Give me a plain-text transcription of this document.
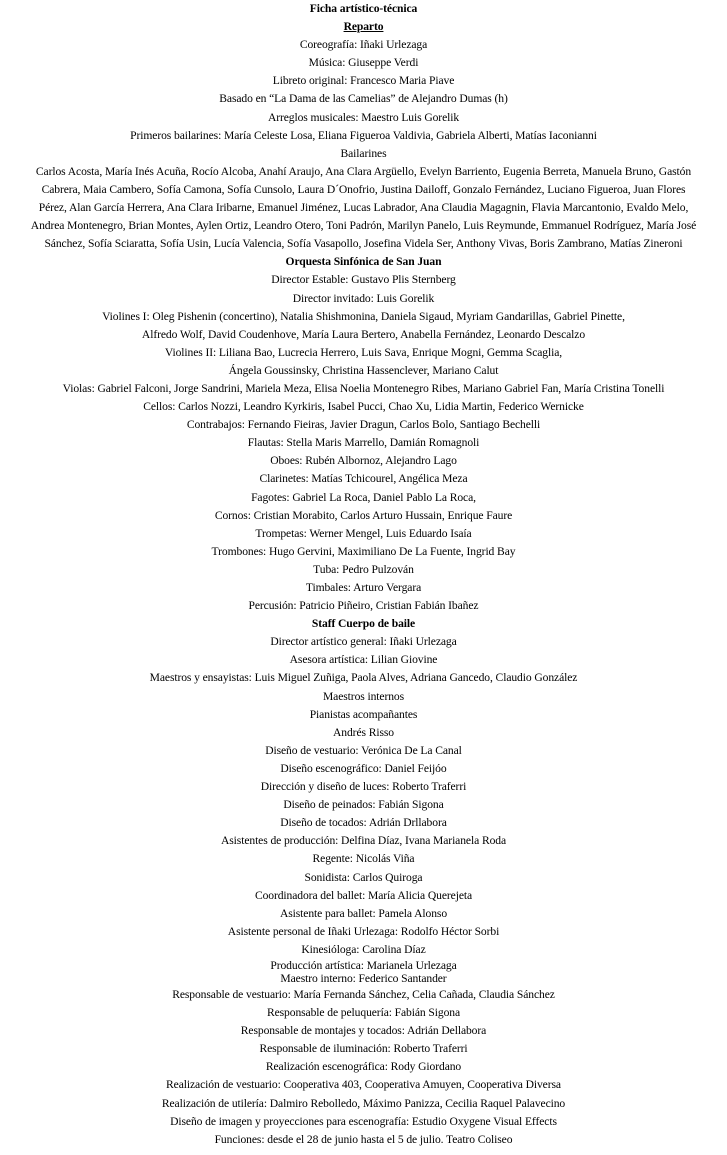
Ficha artístico-técnica
Reparto
Coreografía: Iñaki Urlezaga
Música: Giuseppe Verdi
Libreto original: Francesco Maria Piave
Basado en “La Dama de las Camelias” de Alejandro Dumas (h)
Arreglos musicales: Maestro Luis Gorelik
Primeros bailarines: María Celeste Losa, Eliana Figueroa Valdivia, Gabriela Alberti, Matías Iaconianni
Bailarines
Carlos Acosta, María Inés Acuña, Rocío Alcoba, Anahí Araujo, Ana Clara Argüello, Evelyn Barriento, Eugenia Berreta, Manuela Bruno, Gastón
Cabrera, Maia Cambero, Sofía Camona, Sofía Cunsolo, Laura D´Onofrio, Justina Dailoff, Gonzalo Fernández, Luciano Figueroa, Juan Flores
Pérez, Alan García Herrera, Ana Clara Iribarne, Emanuel Jiménez, Lucas Labrador, Ana Claudia Magagnin, Flavia Marcantonio, Evaldo Melo,
Andrea Montenegro, Brian Montes, Aylen Ortiz, Leandro Otero, Toni Padrón, Marilyn Panelo, Luis Reymunde, Emmanuel Rodríguez, María José
Sánchez, Sofía Sciaratta, Sofía Usin, Lucía Valencia, Sofía Vasapollo, Josefina Videla Ser, Anthony Vivas, Boris Zambrano, Matías Zineroni
Orquesta Sinfónica de San Juan
Director Estable: Gustavo Plis Sternberg
Director invitado: Luis Gorelik
Violines I: Oleg Pishenin (concertino), Natalia Shishmonina, Daniela Sigaud, Myriam Gandarillas, Gabriel Pinette,
Alfredo Wolf, David Coudenhove, María Laura Bertero, Anabella Fernández, Leonardo Descalzo
Violines II: Liliana Bao, Lucrecia Herrero, Luis Sava, Enrique Mogni, Gemma Scaglia,
Ángela Goussinsky, Christina Hassenclever, Mariano Calut
Violas: Gabriel Falconi, Jorge Sandrini, Mariela Meza, Elisa Noelia Montenegro Ribes, Mariano Gabriel Fan, María Cristina Tonelli
Cellos: Carlos Nozzi, Leandro Kyrkiris, Isabel Pucci, Chao Xu, Lidia Martin, Federico Wernicke
Contrabajos: Fernando Fieiras, Javier Dragun, Carlos Bolo, Santiago Bechelli
Flautas: Stella Maris Marrello, Damián Romagnoli
Oboes: Rubén Albornoz, Alejandro Lago
Clarinetes: Matías Tchicourel, Angélica Meza
Fagotes: Gabriel La Roca, Daniel Pablo La Roca,
Cornos: Cristian Morabito, Carlos Arturo Hussain, Enrique Faure
Trompetas: Werner Mengel, Luis Eduardo Isaía
Trombones: Hugo Gervini, Maximiliano De La Fuente, Ingrid Bay
Tuba: Pedro Pulzován
Timbales: Arturo Vergara
Percusión: Patricio Piñeiro, Cristian Fabián Ibañez
Staff Cuerpo de baile
Director artístico general: Iñaki Urlezaga
Asesora artística: Lilian Giovine
Maestros y ensayistas: Luis Miguel Zuñiga, Paola Alves, Adriana Gancedo, Claudio González
Maestros internos
Pianistas acompañantes
Andrés Risso
Diseño de vestuario: Verónica De La Canal
Diseño escenográfico: Daniel Feijóo
Dirección y diseño de luces: Roberto Traferri
Diseño de peinados: Fabián Sigona
Diseño de tocados: Adrián Drllabora
Asistentes de producción: Delfina Díaz, Ivana Marianela Roda
Regente: Nicolás Viña
Sonidista: Carlos Quiroga
Coordinadora del ballet: María Alicia Querejeta
Asistente para ballet: Pamela Alonso
Asistente personal de Iñaki Urlezaga: Rodolfo Héctor Sorbi
Kinesióloga: Carolina Díaz
Producción artística: Marianela Urlezaga
Maestro interno: Federico Santander
Responsable de vestuario: María Fernanda Sánchez, Celia Cañada, Claudia Sánchez
Responsable de peluquería: Fabián Sigona
Responsable de montajes y tocados: Adrián Dellabora
Responsable de iluminación: Roberto Traferri
Realización escenográfica: Rody Giordano
Realización de vestuario: Cooperativa 403, Cooperativa Amuyen, Cooperativa Diversa
Realización de utilería: Dalmiro Rebolledo, Máximo Panizza, Cecilia Raquel Palavecino
Diseño de imagen y proyecciones para escenografía: Estudio Oxygene Visual Effects
Funciones: desde el 28 de junio hasta el 5 de julio. Teatro Coliseo
